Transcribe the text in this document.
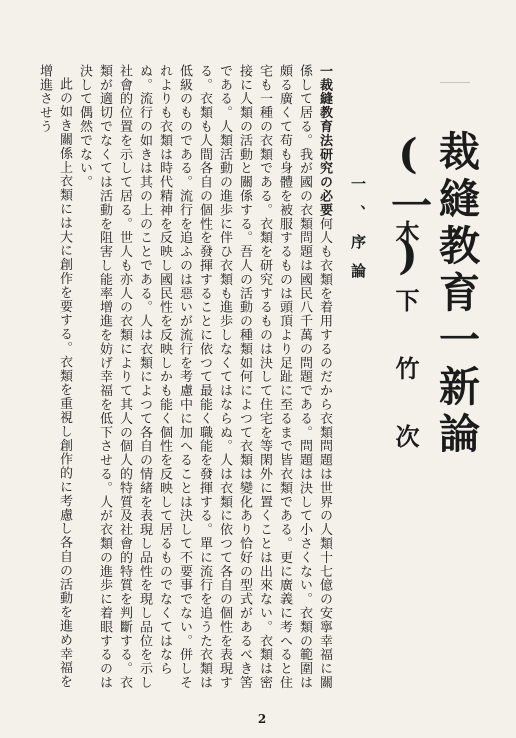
裁縫教育一新論(一)
木下竹次
一、序論

一裁縫教育法研究の必要何人も衣類を着用するのだから衣類問題は世界の人類十七億の安寧幸福に關係して居る。我が國の衣類問題は國民八千萬の問題である。問題は決して小さくない。衣類の範圍は頗る廣くて苟も身體を被服するものは頭頂より足趾に至るまで皆衣類である。更に廣義に考へると住宅も一種の衣類である。衣類を研究するものは決して住宅を等閑外に置くことは出來ない。衣類は密接に人類の活動と關係する。吾人の活動の種類如何によつて衣類は變化あり恰好の型式があるべき筈である。人類活動の進歩に伴ひ衣類も進歩しなくてはならぬ。人は衣類に依つて各自の個性を表現する。衣類も人間各自の個性を發揮することに依つて最能く職能を發揮する。單に流行を追うた衣類は低級のものである。流行を追ふのは惡いが流行を考慮中に加へることは決して不要事でない。併しそれよりも衣類は時代精神を反映し國民性を反映しかも能く個性を反映して居るものでなくてはならぬ。流行の如きは其の上のことである。人は衣類によつて各自の情緒を表現し品性を現し品位を示し社會的位置を示して居る。世人も亦人の衣類によりて其人の個人的特質及社會的特質を判斷する。衣類が適切でなくては活動を阻害し能率增進を妨げ幸福を低下させる。人が衣類の進歩に着眼するのは決して偶然でない。

此の如き關係上衣類には大に創作を要する。衣類を重視し創作的に考慮し各自の活動を進め幸福を增進させう

2
